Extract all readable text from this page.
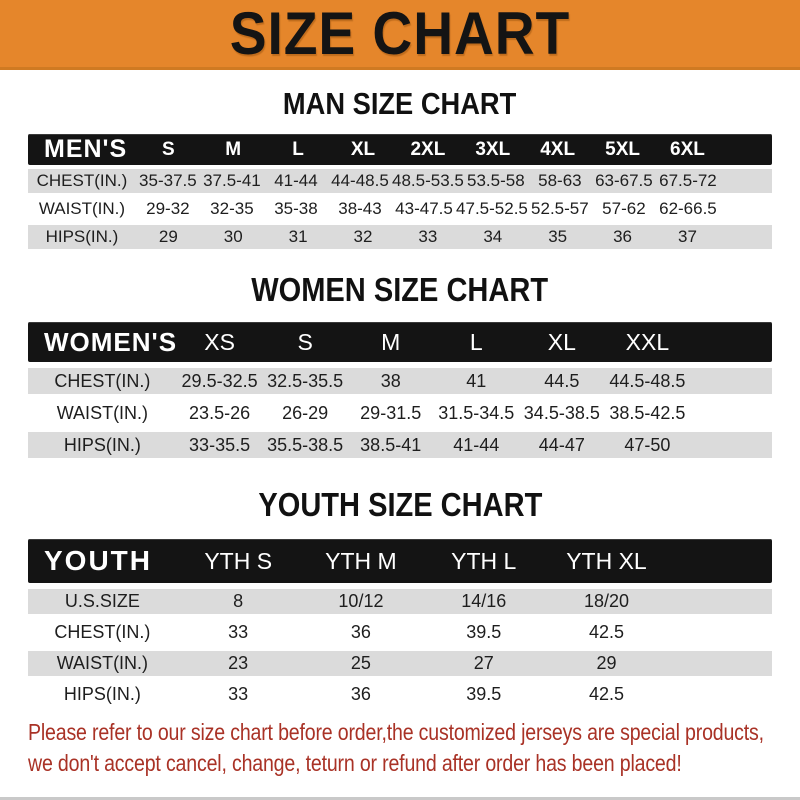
SIZE CHART
MAN SIZE CHART
MEN'S	S	M	L	XL	2XL	3XL	4XL	5XL	6XL
CHEST(IN.) 35-37.5 37.5-41 41-44 44-48.5 48.5-53.5 53.5-58 58-63 63-67.5 67.5-72
WAIST(IN.)	29-32	32-35	35-38	38-43 43-47.5 47.5-52.5 52.5-57 57-62 62-66.5
HIPS(IN.)	29	30	31	32	33	34	35	36	37
WOMEN SIZE CHART
WOMEN'S	XS	S	M	L	XL	XXL
CHEST(IN.)	29.5-32.5 32.5-35.5	38	41	44.5	44.5-48.5
WAIST(IN.)	23.5-26	26-29	29-31.5 31.5-34.5 34.5-38.5 38.5-42.5
HIPS(IN.)	33-35.5 35.5-38.5 38.5-41	41-44	44-47	47-50
YOUTH SIZE CHART
YOUTH	YTH S	YTH M	YTH L	YTH XL
U.S.SIZE	8	10/12	14/16	18/20
CHEST(IN.)	33	36	39.5	42.5
WAIST(IN.)	23	25	27	29
HIPS(IN.)	33	36	39.5	42.5

Please refer to our size chart before order,the customized jerseys are special products,

we don't accept cancel, change, teturn or refund after order has been placed!
